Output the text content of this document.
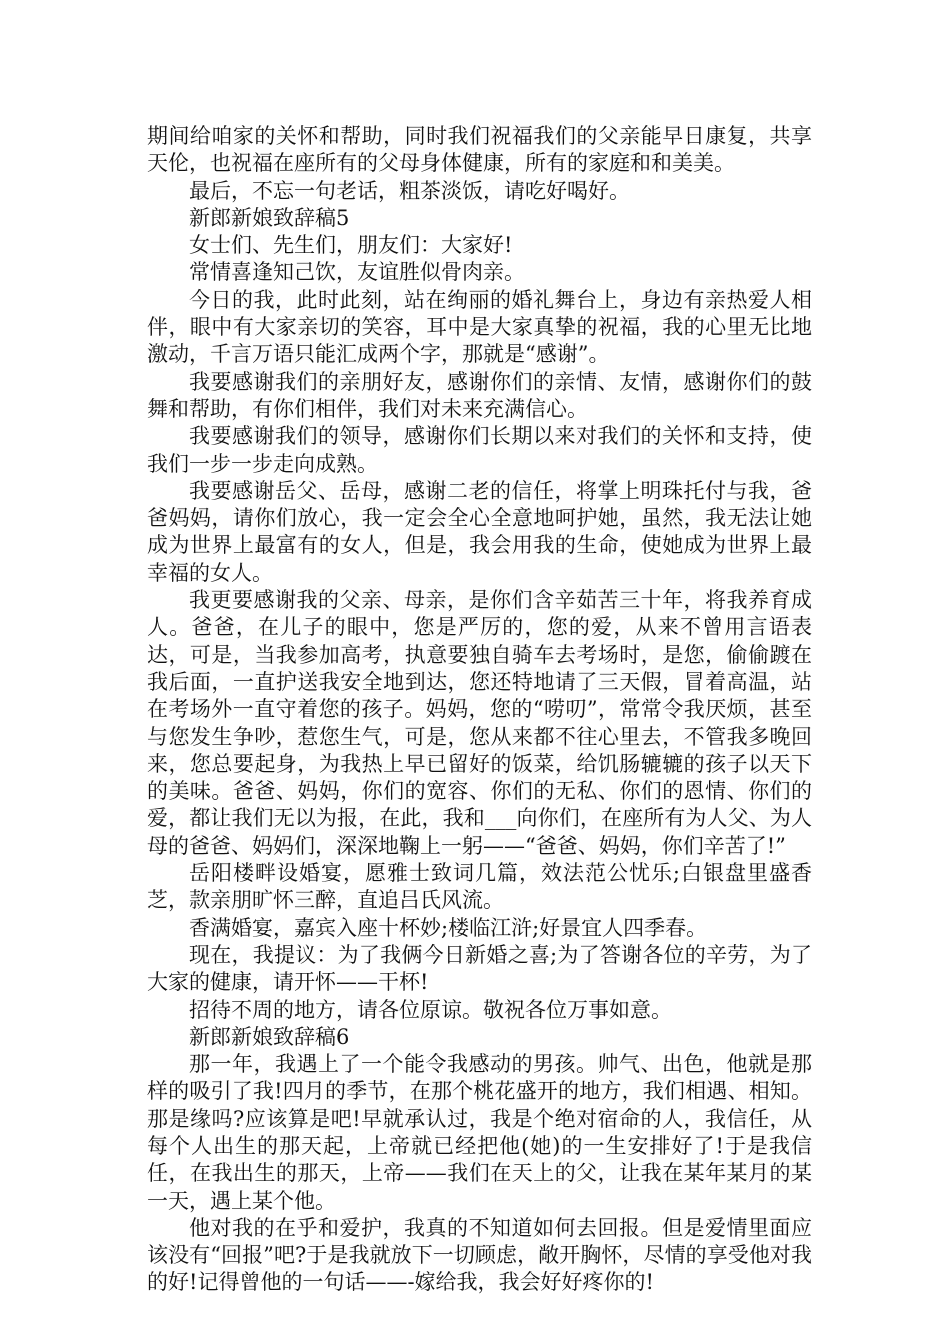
期间给咱家的关怀和帮助，同时我们祝福我们的父亲能早日康复，共享天伦，也祝福在座所有的父母身体健康，所有的家庭和和美美。

最后，不忘一句老话，粗茶淡饭，请吃好喝好。

新郎新娘致辞稿5

女士们、先生们，朋友们：大家好!

常情喜逢知己饮，友谊胜似骨肉亲。

今日的我，此时此刻，站在绚丽的婚礼舞台上，身边有亲热爱人相伴，眼中有大家亲切的笑容，耳中是大家真挚的祝福，我的心里无比地激动，千言万语只能汇成两个字，那就是“感谢”。

我要感谢我们的亲朋好友，感谢你们的亲情、友情，感谢你们的鼓舞和帮助，有你们相伴，我们对未来充满信心。

我要感谢我们的领导，感谢你们长期以来对我们的关怀和支持，使我们一步一步走向成熟。

我要感谢岳父、岳母，感谢二老的信任，将掌上明珠托付与我，爸爸妈妈，请你们放心，我一定会全心全意地呵护她，虽然，我无法让她成为世界上最富有的女人，但是，我会用我的生命，使她成为世界上最幸福的女人。

我更要感谢我的父亲、母亲，是你们含辛茹苦三十年，将我养育成人。爸爸，在儿子的眼中，您是严厉的，您的爱，从来不曾用言语表达，可是，当我参加高考，执意要独自骑车去考场时，是您，偷偷踱在我后面，一直护送我安全地到达，您还特地请了三天假，冒着高温，站在考场外一直守着您的孩子。妈妈，您的“唠叨”，常常令我厌烦，甚至与您发生争吵，惹您生气，可是，您从来都不往心里去，不管我多晚回来，您总要起身，为我热上早已留好的饭菜，给饥肠辘辘的孩子以天下的美味。爸爸、妈妈，你们的宽容、你们的无私、你们的恩情、你们的爱，都让我们无以为报，在此，我和___向你们，在座所有为人父、为人母的爸爸、妈妈们，深深地鞠上一躬——“爸爸、妈妈，你们辛苦了!”

岳阳楼畔设婚宴，愿雅士致词几篇，效法范公忧乐;白银盘里盛香芝，款亲朋旷怀三醉，直追吕氏风流。

香满婚宴，嘉宾入座十杯妙;楼临江浒;好景宜人四季春。

现在，我提议：为了我俩今日新婚之喜;为了答谢各位的辛劳，为了大家的健康，请开怀——干杯!

招待不周的地方，请各位原谅。敬祝各位万事如意。

新郎新娘致辞稿6

那一年，我遇上了一个能令我感动的男孩。帅气、出色，他就是那样的吸引了我!四月的季节，在那个桃花盛开的地方，我们相遇、相知。那是缘吗?应该算是吧!早就承认过，我是个绝对宿命的人，我信任，从每个人出生的那天起，上帝就已经把他(她)的一生安排好了!于是我信任，在我出生的那天，上帝——我们在天上的父，让我在某年某月的某一天，遇上某个他。

他对我的在乎和爱护，我真的不知道如何去回报。但是爱情里面应该没有“回报”吧?于是我就放下一切顾虑，敞开胸怀，尽情的享受他对我的好!记得曾他的一句话——-嫁给我，我会好好疼你的!
